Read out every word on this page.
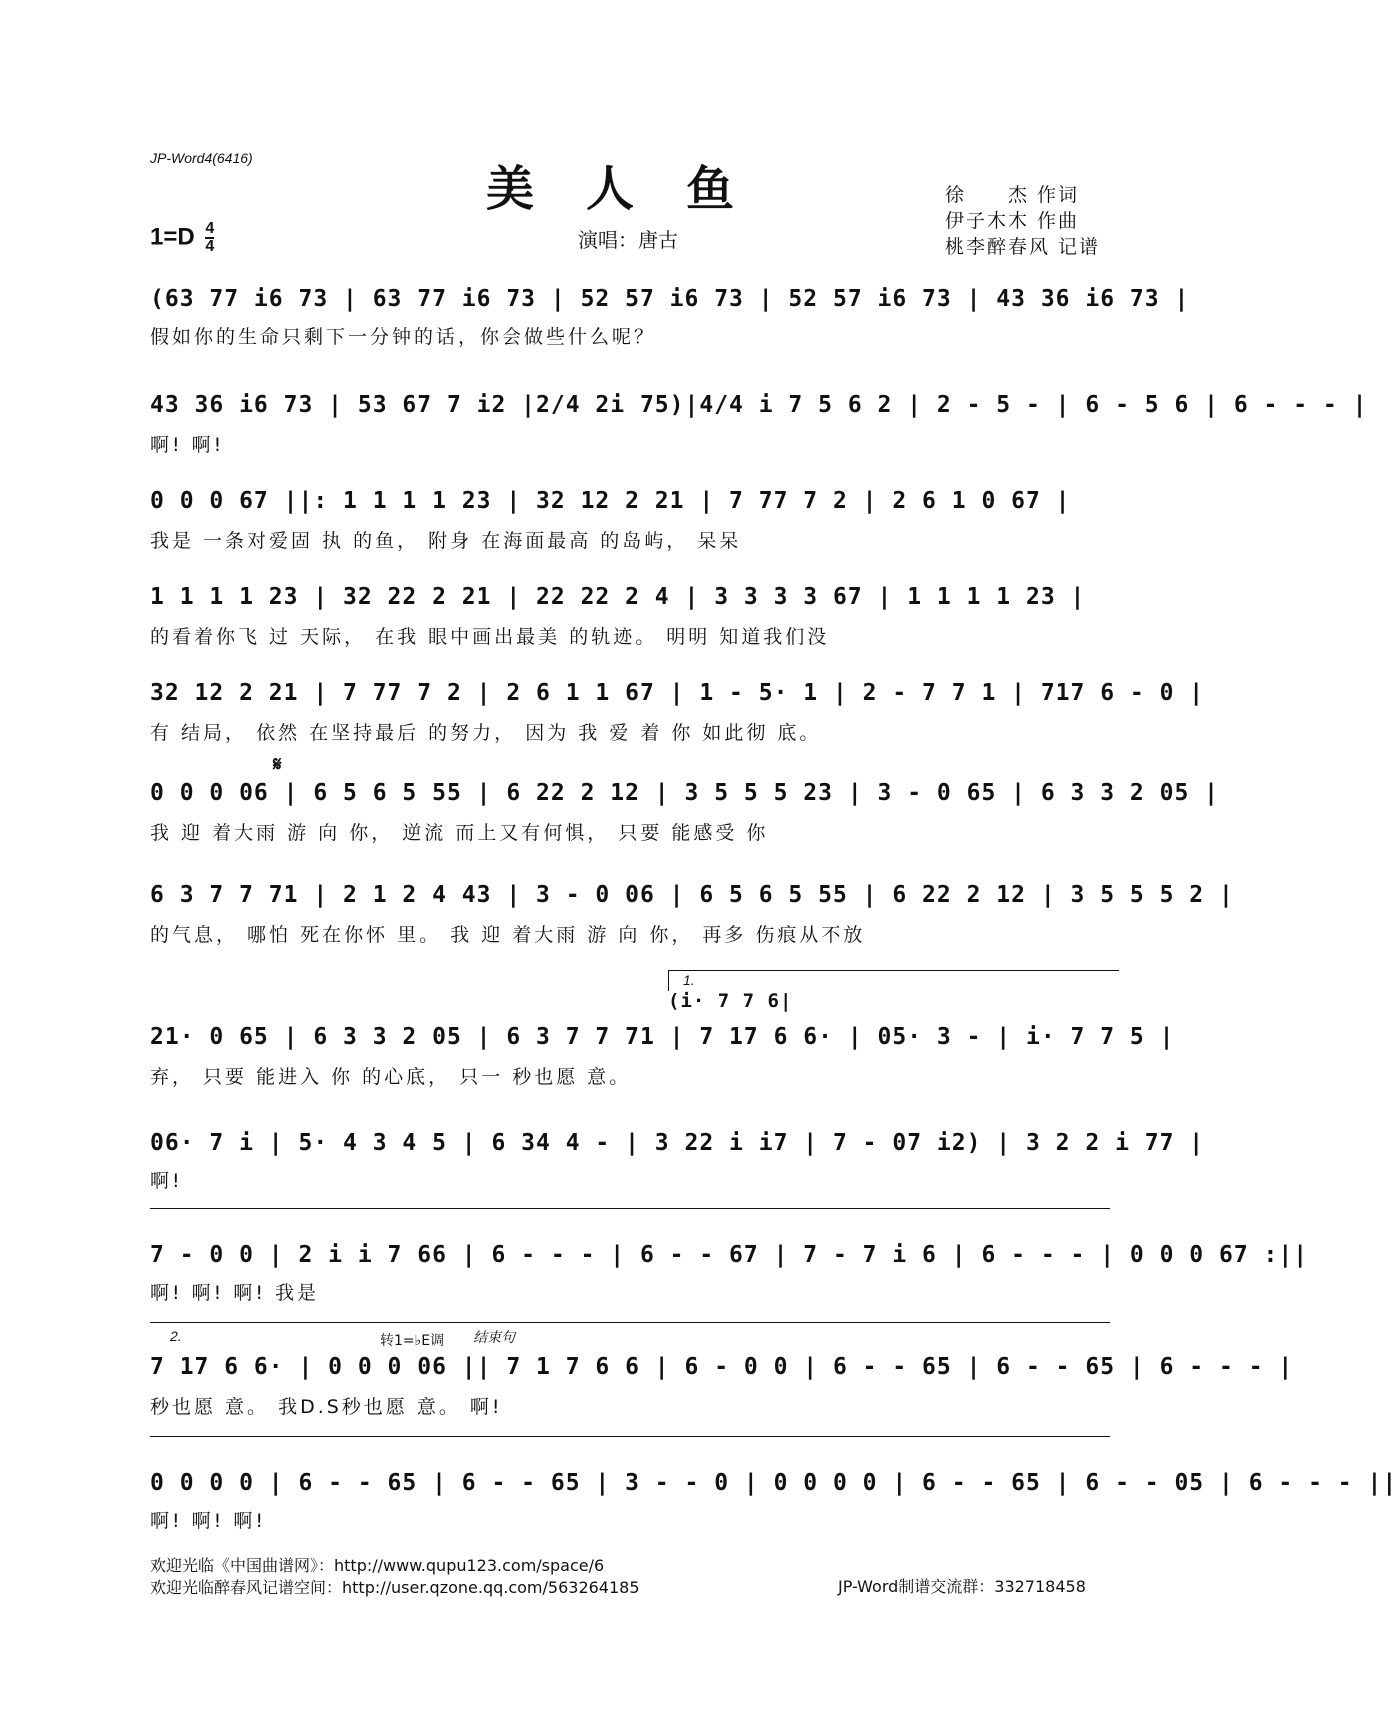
JP-Word4(6416)
美人鱼
$1=D \frac{4}{4}$	演唱：唐古
徐　　杰 作词
伊子木木 作曲
桃李醉春风 记谱
(63 77 i6 73 | 63 77 i6 73 | 52 57 i6 73 | 52 57 i6 73 | 43 36 i6 73 |
假如你的生命只剩下一分钟的话，你会做些什么呢？
43 36 i6 73 | 53 67 7 i2 |2/4 2i 75)|4/4 i 7 5 6 2 | 2 - 5 - | 6 - 5 6 | 6 - - - |
啊! 啊!
0 0 0 67 ||: 1 1 1 1 23 | 32 12 2 21 | 7 77 7 2 | 2 6 1 0 67 |
我是 一条对爱固 执 的鱼， 附身 在海面最高 的岛屿， 呆呆
1 1 1 1 23 | 32 22 2 21 | 22 22 2 4 | 3 3 3 3 67 | 1 1 1 1 23 |
的看着你飞 过 天际， 在我 眼中画出最美 的轨迹。 明明 知道我们没
32 12 2 21 | 7 77 7 2 | 2 6 1 1 67 | 1 - 5· 1 | 2 - 7 7 1 | 717 6 - 0 |
有 结局， 依然 在坚持最后 的努力， 因为 我 爱 着 你 如此彻 底。
𝄋
0 0 0 06 | 6 5 6 5 55 | 6 22 2 12 | 3 5 5 5 23 | 3 - 0 65 | 6 3 3 2 05 |
我 迎 着大雨 游 向 你， 逆流 而上又有何惧， 只要 能感受 你
6 3 7 7 71 | 2 1 2 4 43 | 3 - 0 06 | 6 5 6 5 55 | 6 22 2 12 | 3 5 5 5 2 |
的气息， 哪怕 死在你怀 里。 我 迎 着大雨 游 向 你， 再多 伤痕从不放
1.
(i· 7 7 6|
21· 0 65 | 6 3 3 2 05 | 6 3 7 7 71 | 7 17 6 6· | 05· 3 - | i· 7 7 5 |
弃， 只要 能进入 你 的心底， 只一 秒也愿 意。
06· 7 i | 5· 4 3 4 5 | 6 34 4 - | 3 22 i i7 | 7 - 07 i2) | 3 2 2 i 77 |
啊!
7 - 0 0 | 2 i i 7 66 | 6 - - - | 6 - - 67 | 7 - 7 i 6 | 6 - - - | 0 0 0 67 :||
啊! 啊! 啊! 我是
2.	转1=♭E调 结束句
7 17 6 6· | 0 0 0 06 || 7 1 7 6 6 | 6 - 0 0 | 6 - - 65 | 6 - - 65 | 6 - - - |
秒也愿 意。 我D.S秒也愿 意。 啊!
0 0 0 0 | 6 - - 65 | 6 - - 65 | 3 - - 0 | 0 0 0 0 | 6 - - 65 | 6 - - 05 | 6 - - - ||
啊! 啊! 啊!
欢迎光临《中国曲谱网》：http://www.qupu123.com/space/6
欢迎光临醉春风记谱空间：http://user.qzone.qq.com/563264185	JP-Word制谱交流群：332718458
